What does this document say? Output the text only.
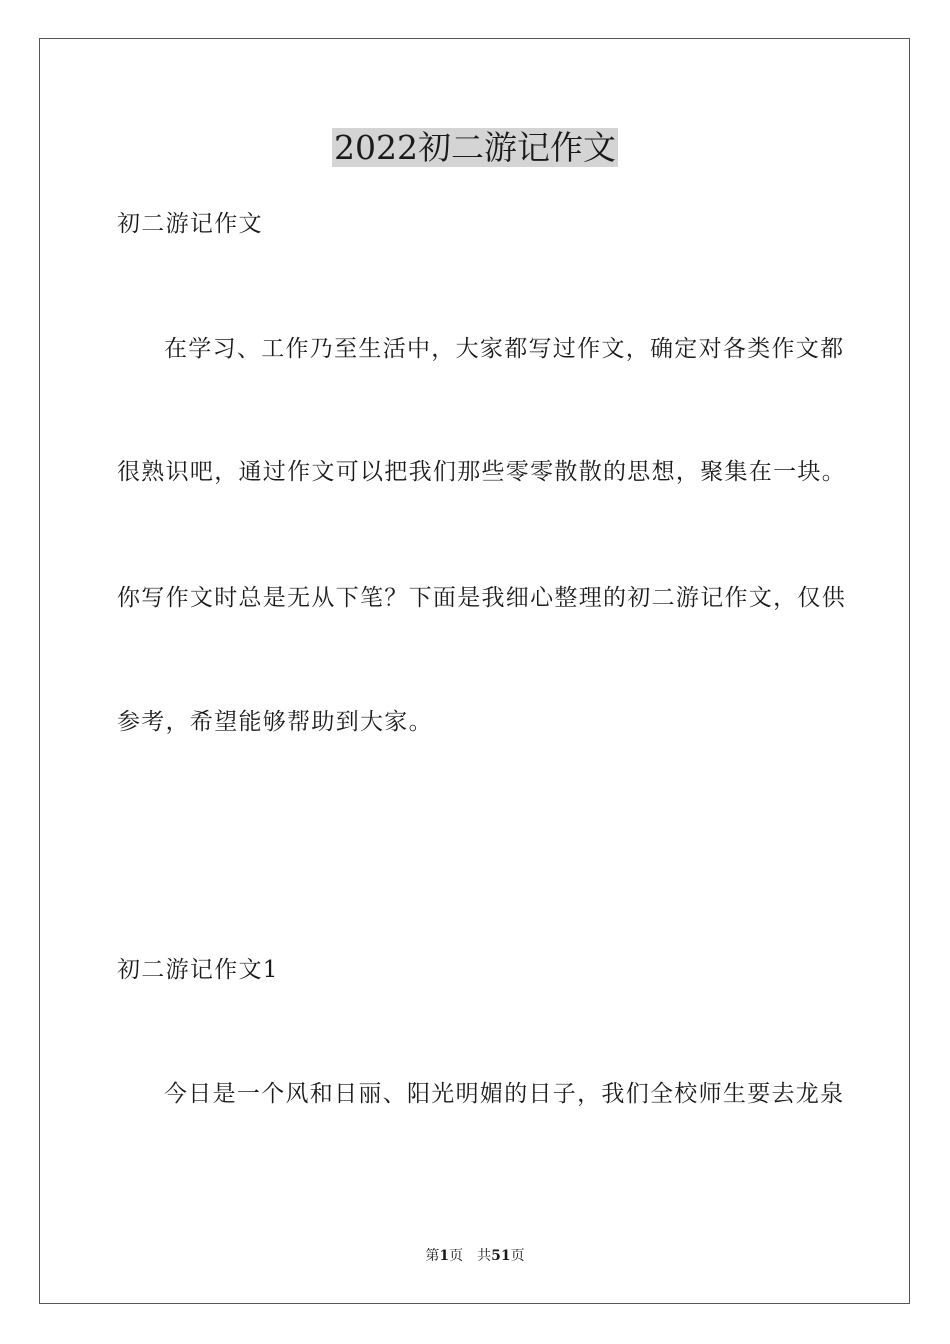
2022初二游记作文
初二游记作文
在学习、工作乃至生活中，大家都写过作文，确定对各类作文都
很熟识吧，通过作文可以把我们那些零零散散的思想，聚集在一块。
你写作文时总是无从下笔？下面是我细心整理的初二游记作文，仅供
参考，希望能够帮助到大家。
初二游记作文1
今日是一个风和日丽、阳光明媚的日子，我们全校师生要去龙泉
第1页 共51页
